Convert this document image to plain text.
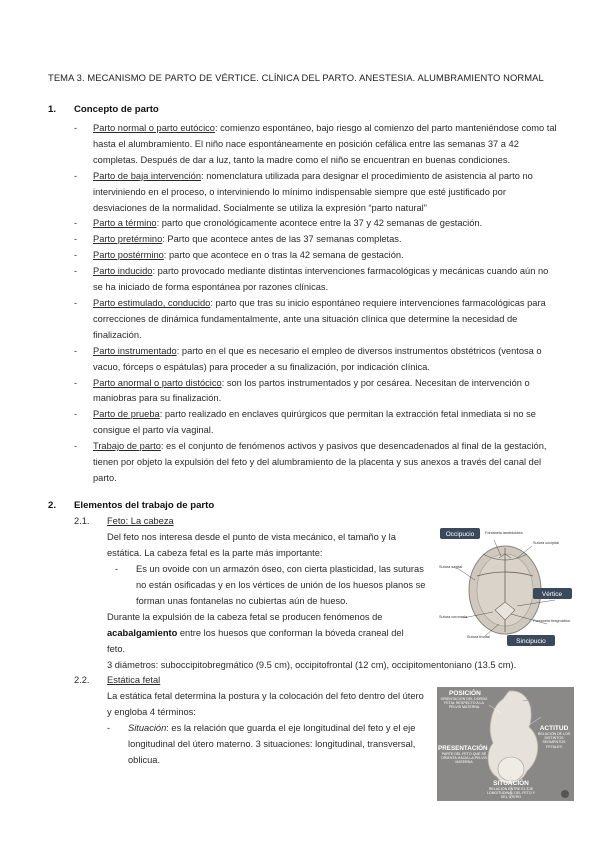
TEMA 3. MECANISMO DE PARTO DE VÉRTICE. CLÍNICA DEL PARTO. ANESTESIA. ALUMBRAMIENTO NORMAL
1. Concepto de parto
- Parto normal o parto eutócico: comienzo espontáneo, bajo riesgo al comienzo del parto manteniéndose como tal hasta el alumbramiento. El niño nace espontáneamente en posición cefálica entre las semanas 37 a 42 completas. Después de dar a luz, tanto la madre como el niño se encuentran en buenas condiciones.
- Parto de baja intervención: nomenclatura utilizada para designar el procedimiento de asistencia al parto no interviniendo en el proceso, o interviniendo lo mínimo indispensable siempre que esté justificado por desviaciones de la normalidad. Socialmente se utiliza la expresión “parto natural”
- Parto a término: parto que cronológicamente acontece entre la 37 y 42 semanas de gestación.
- Parto pretérmino: Parto que acontece antes de las 37 semanas completas.
- Parto postérmino: parto que acontece en o tras la 42 semana de gestación.
- Parto inducido: parto provocado mediante distintas intervenciones farmacológicas y mecánicas cuando aún no se ha iniciado de forma espontánea por razones clínicas.
- Parto estimulado, conducido: parto que tras su inicio espontáneo requiere intervenciones farmacológicas para correcciones de dinámica fundamentalmente, ante una situación clínica que determine la necesidad de finalización.
- Parto instrumentado: parto en el que es necesario el empleo de diversos instrumentos obstétricos (ventosa o vacuo, fórceps o espátulas) para proceder a su finalización, por indicación clínica.
- Parto anormal o parto distócico: son los partos instrumentados y por cesárea. Necesitan de intervención o maniobras para su finalización.
- Parto de prueba: parto realizado en enclaves quirúrgicos que permitan la extracción fetal inmediata si no se consigue el parto vía vaginal.
- Trabajo de parto: es el conjunto de fenómenos activos y pasivos que desencadenados al final de la gestación, tienen por objeto la expulsión del feto y del alumbramiento de la placenta y sus anexos a través del canal del parto.
2. Elementos del trabajo de parto
2.1. Feto: La cabeza
Del feto nos interesa desde el punto de vista mecánico, el tamaño y la estática. La cabeza fetal es la parte más importante:
- Es un ovoide con un armazón óseo, con cierta plasticidad, las suturas no están osificadas y en los vértices de unión de los huesos planos se forman unas fontanelas no cubiertas aún de hueso.
Durante la expulsión de la cabeza fetal se producen fenómenos de acabalgamiento entre los huesos que conforman la bóveda craneal del feto.
3 diámetros: suboccipitobregmático (9.5 cm), occipitofrontal (12 cm), occipitomentoniano (13.5 cm).
2.2. Estática fetal
La estática fetal determina la postura y la colocación del feto dentro del útero y engloba 4 términos:
- Situación: es la relación que guarda el eje longitudinal del feto y el eje longitudinal del útero materno. 3 situaciones: longitudinal, transversal, oblicua.
Occipucio
Vértice
Sincipucio
Fontanela lambdoidea
Sutura occipital
Sutura sagital
Sutura coronaria
Fontanela bregmática
Sutura frontal
POSICIÓN
ORIENTACIÓN DEL DORSO FETAL RESPECTO A LA PELVIS MATERNA
ACTITUD
RELACIÓN DE LOS DISTINTOS SEGMENTOS FETALES
PRESENTACIÓN
PARTE DEL FETO QUE SE ORIENTA HACIA LA PELVIS MATERNA
SITUACIÓN
RELACIÓN ENTRE EL EJE LONGITUDINAL DEL FETO Y DEL ÚTERO
